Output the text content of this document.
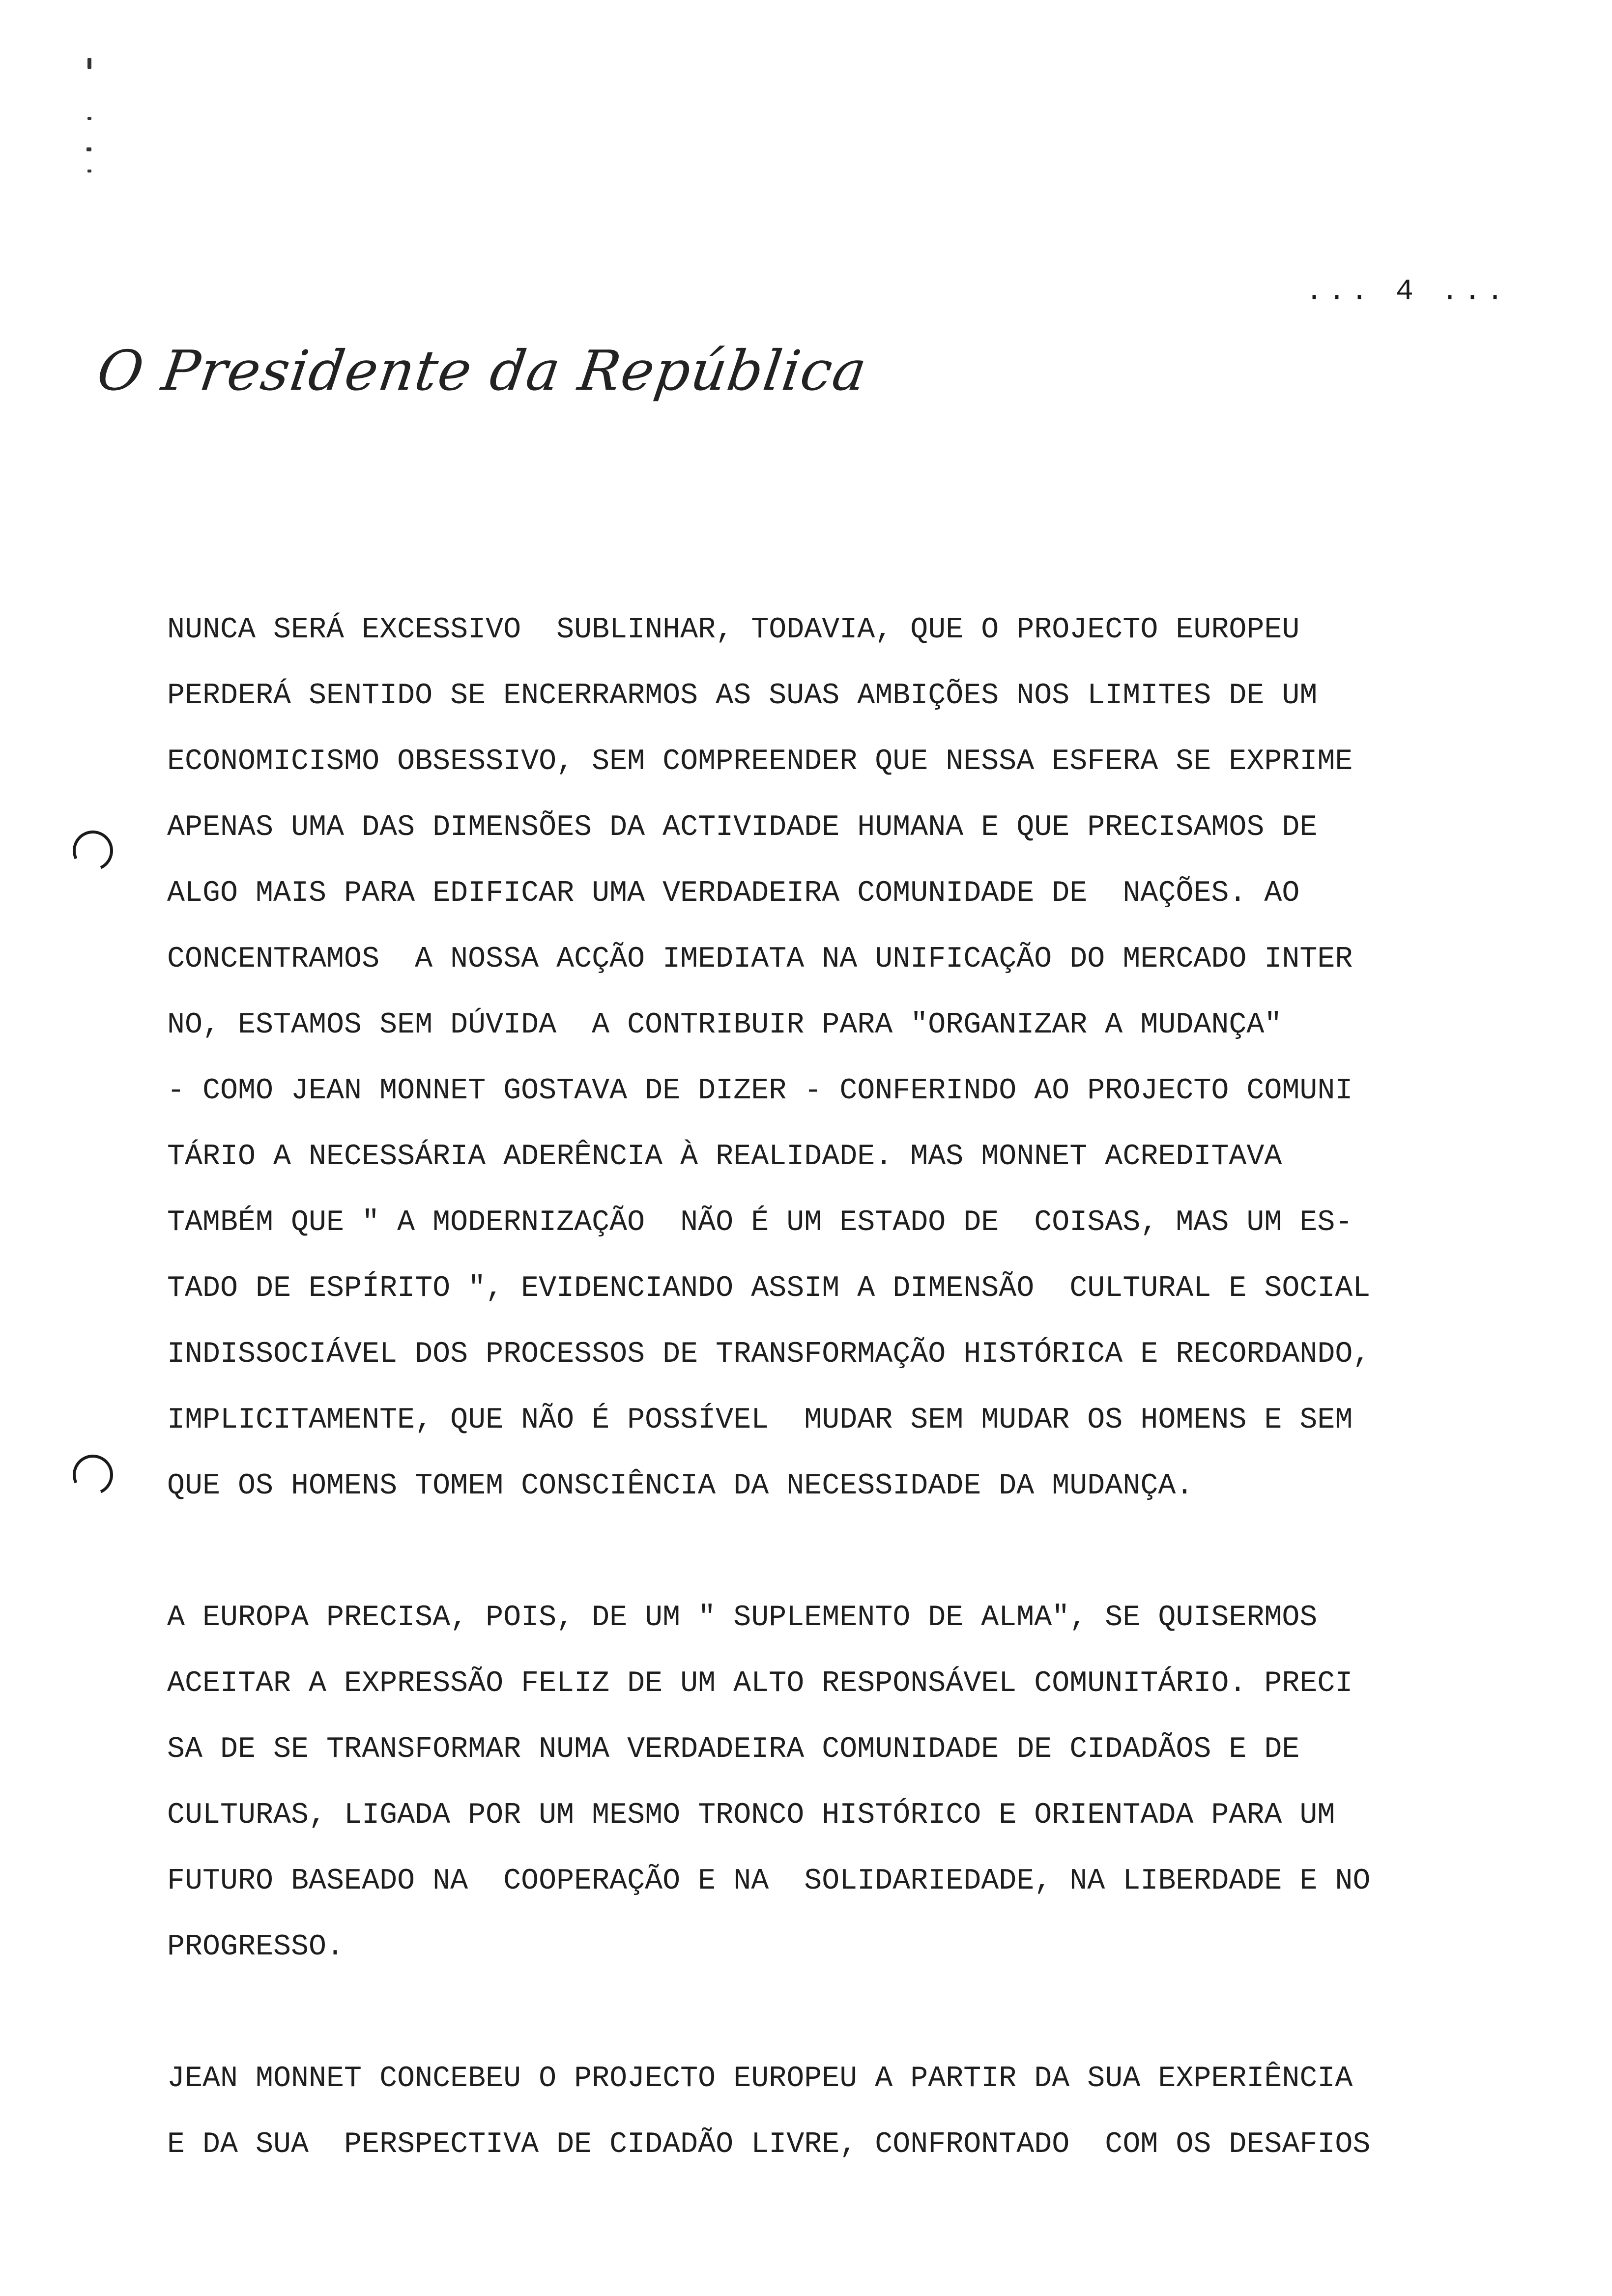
... 4 ...
O Presidente da República
NUNCA SERÁ EXCESSIVO  SUBLINHAR, TODAVIA, QUE O PROJECTO EUROPEU
PERDERÁ SENTIDO SE ENCERRARMOS AS SUAS AMBIÇÕES NOS LIMITES DE UM
ECONOMICISMO OBSESSIVO, SEM COMPREENDER QUE NESSA ESFERA SE EXPRIME
APENAS UMA DAS DIMENSÕES DA ACTIVIDADE HUMANA E QUE PRECISAMOS DE
ALGO MAIS PARA EDIFICAR UMA VERDADEIRA COMUNIDADE DE  NAÇÕES. AO
CONCENTRAMOS  A NOSSA ACÇÃO IMEDIATA NA UNIFICAÇÃO DO MERCADO INTER
NO, ESTAMOS SEM DÚVIDA  A CONTRIBUIR PARA "ORGANIZAR A MUDANÇA"
- COMO JEAN MONNET GOSTAVA DE DIZER - CONFERINDO AO PROJECTO COMUNI
TÁRIO A NECESSÁRIA ADERÊNCIA À REALIDADE. MAS MONNET ACREDITAVA
TAMBÉM QUE " A MODERNIZAÇÃO  NÃO É UM ESTADO DE  COISAS, MAS UM ES-
TADO DE ESPÍRITO ", EVIDENCIANDO ASSIM A DIMENSÃO  CULTURAL E SOCIAL
INDISSOCIÁVEL DOS PROCESSOS DE TRANSFORMAÇÃO HISTÓRICA E RECORDANDO,
IMPLICITAMENTE, QUE NÃO É POSSÍVEL  MUDAR SEM MUDAR OS HOMENS E SEM
QUE OS HOMENS TOMEM CONSCIÊNCIA DA NECESSIDADE DA MUDANÇA.
A EUROPA PRECISA, POIS, DE UM " SUPLEMENTO DE ALMA", SE QUISERMOS
ACEITAR A EXPRESSÃO FELIZ DE UM ALTO RESPONSÁVEL COMUNITÁRIO. PRECI
SA DE SE TRANSFORMAR NUMA VERDADEIRA COMUNIDADE DE CIDADÃOS E DE
CULTURAS, LIGADA POR UM MESMO TRONCO HISTÓRICO E ORIENTADA PARA UM
FUTURO BASEADO NA  COOPERAÇÃO E NA  SOLIDARIEDADE, NA LIBERDADE E NO
PROGRESSO.
JEAN MONNET CONCEBEU O PROJECTO EUROPEU A PARTIR DA SUA EXPERIÊNCIA
E DA SUA  PERSPECTIVA DE CIDADÃO LIVRE, CONFRONTADO  COM OS DESAFIOS
